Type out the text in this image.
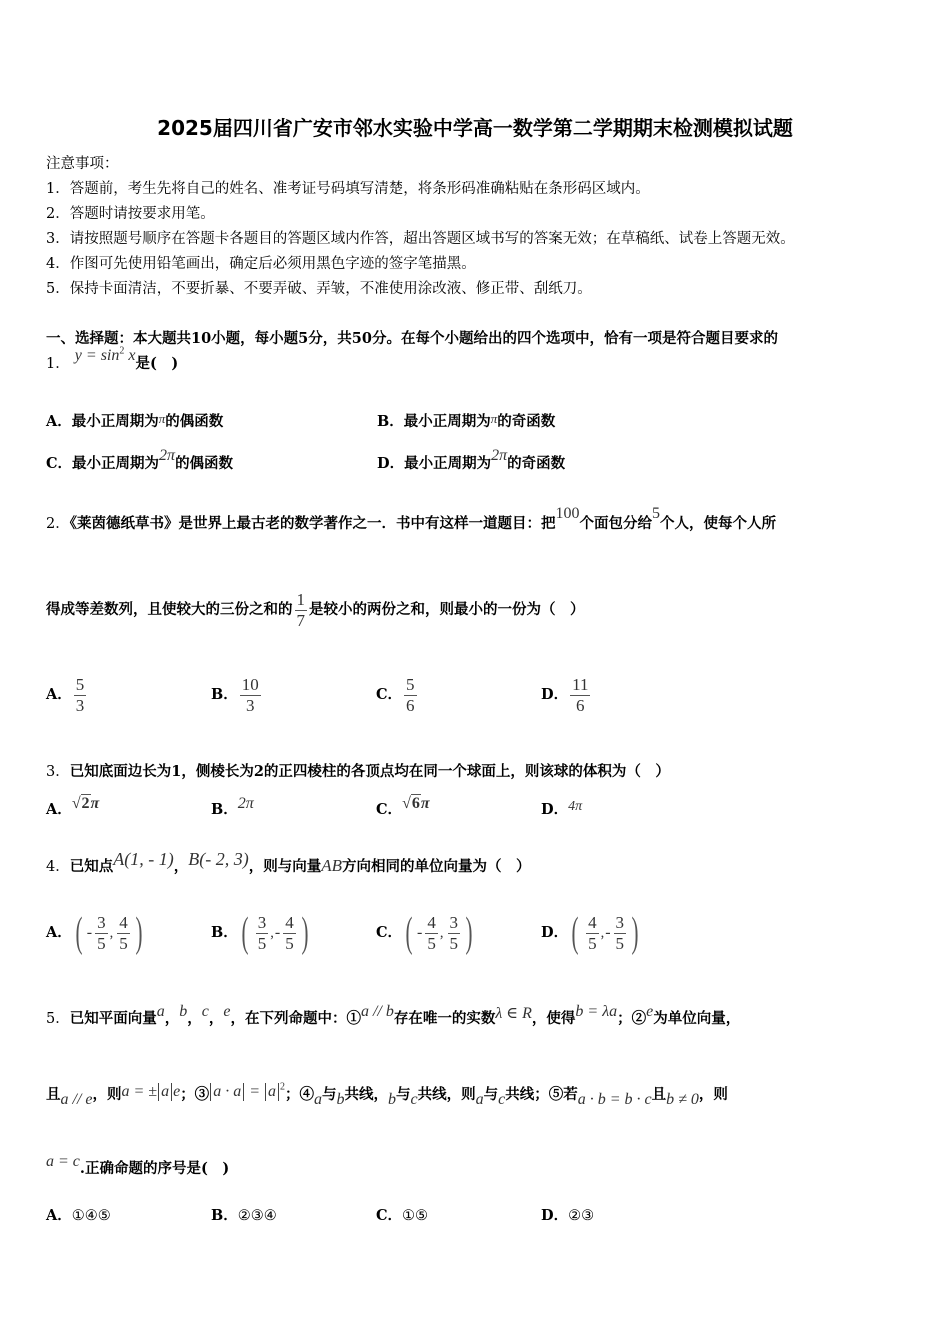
2025届四川省广安市邻水实验中学高一数学第二学期期末检测模拟试题
注意事项：
1．答题前，考生先将自己的姓名、准考证号码填写清楚，将条形码准确粘贴在条形码区域内。
2．答题时请按要求用笔。
3．请按照题号顺序在答题卡各题目的答题区域内作答，超出答题区域书写的答案无效；在草稿纸、试卷上答题无效。
4．作图可先使用铅笔画出，确定后必须用黑色字迹的签字笔描黑。
5．保持卡面清洁，不要折暴、不要弄破、弄皱，不准使用涂改液、修正带、刮纸刀。
一、选择题：本大题共10小题，每小题5分，共50分。在每个小题给出的四个选项中，恰有一项是符合题目要求的
1． $y = \sin^2 x$是(　)
A．最小正周期为π的偶函数	B．最小正周期为π的奇函数
C．最小正周期为2π的偶函数	D．最小正周期为2π的奇函数
2．《莱茵德纸草书》是世界上最古老的数学著作之一．书中有这样一道题目：把100个面包分给5个人，使每个人所
得成等差数列，且使较大的三份之和的 $\frac{1}{7}$ 是较小的两份之和，则最小的一份为（　）
A． $\frac{5}{3}$	B． $\frac{10}{3}$	C． $\frac{5}{6}$	D． $\frac{11}{6}$
3．已知底面边长为1，侧棱长为2的正四棱柱的各顶点均在同一个球面上，则该球的体积为（　）
A．√2π	B．2π	C．√6π	D．4π
4．已知点A(1, - 1)，B(- 2, 3)，则与向量AB方向相同的单位向量为（　）
A． ( - $\frac{3}{5}$ , $\frac{4}{5}$ )	B． ( $\frac{3}{5}$ , - $\frac{4}{5}$ )	C． ( - $\frac{4}{5}$ , $\frac{3}{5}$ )	D． ( $\frac{4}{5}$ , - $\frac{3}{5}$ )
5．已知平面向量a，b，c，e，在下列命题中：①a // b存在唯一的实数λ ∈ R，使得b = λa；②e为单位向量，
且a // e，则a = ± a e；③ a · a = a $^2$；④a与b共线，b与c共线，则a与c共线；⑤若a · b = b · c且b ≠ 0，则
a = c.正确命题的序号是(　)
A．①④⑤	B．②③④	C．①⑤	D．②③
